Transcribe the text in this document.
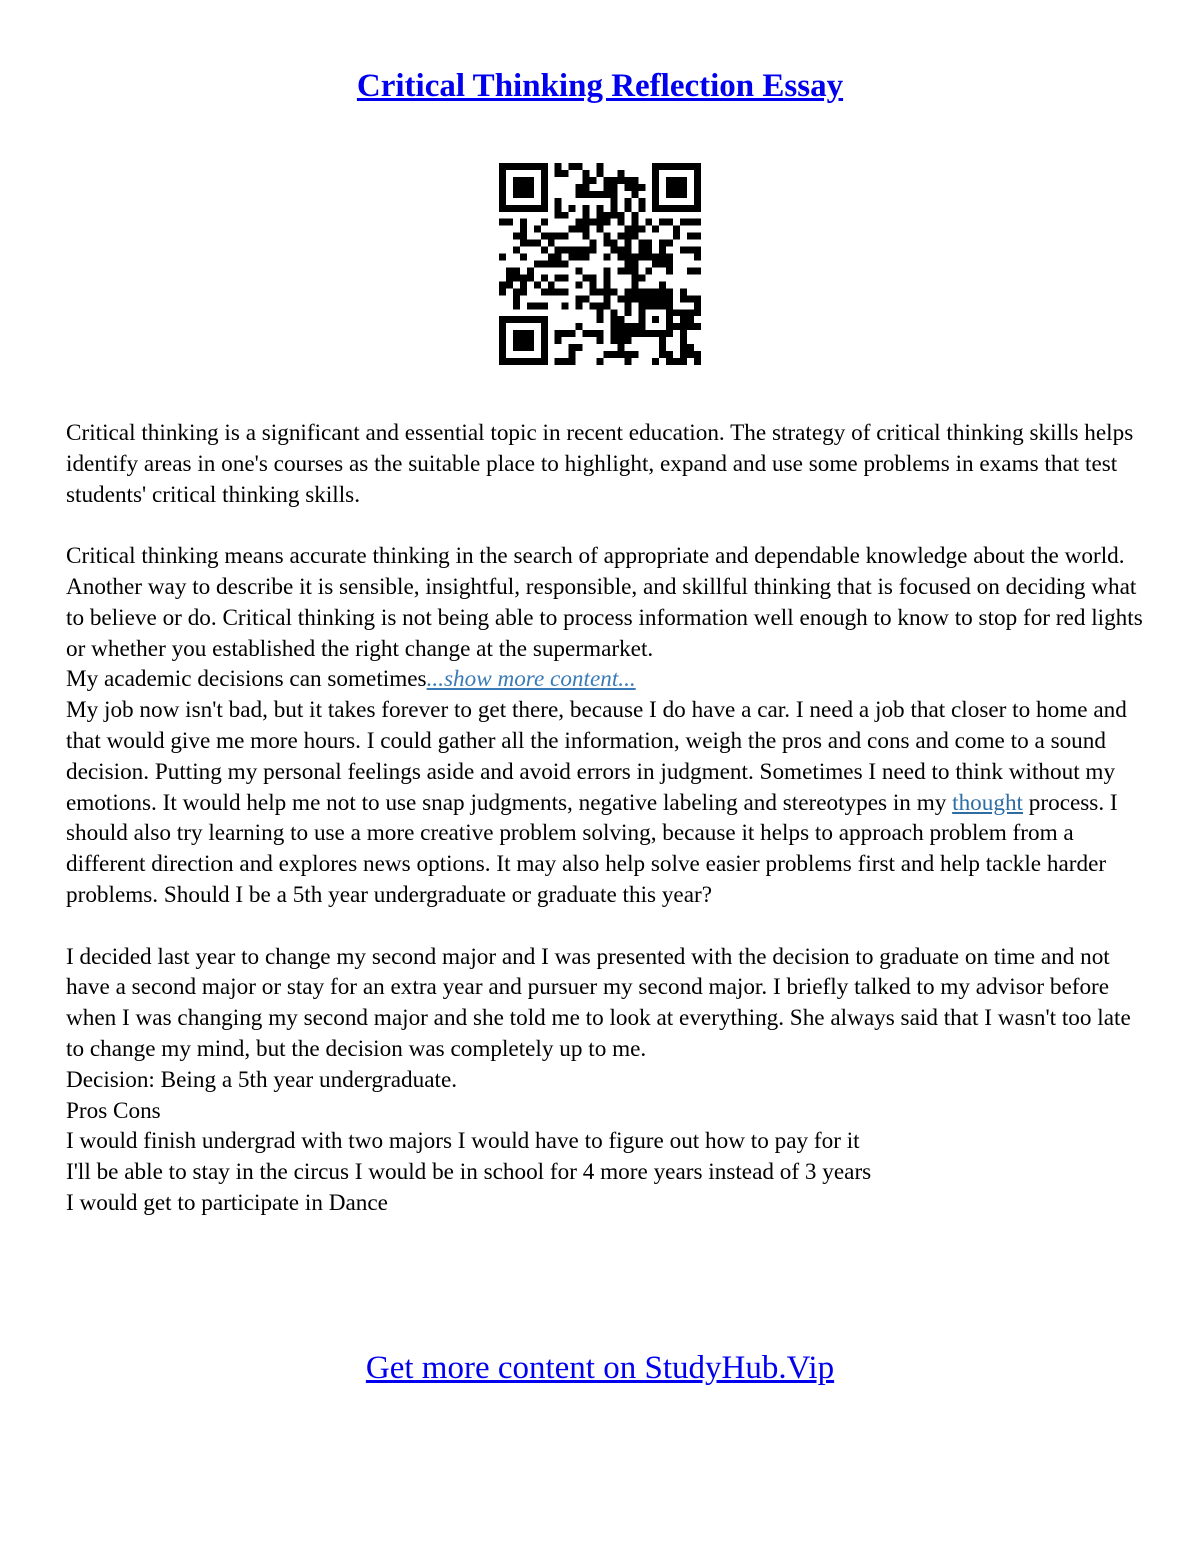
Critical Thinking Reflection Essay

Critical thinking is a significant and essential topic in recent education. The strategy of critical thinking skills helps identify areas in one's courses as the suitable place to highlight, expand and use some problems in exams that test students' critical thinking skills.

Critical thinking means accurate thinking in the search of appropriate and dependable knowledge about the world. Another way to describe it is sensible, insightful, responsible, and skillful thinking that is focused on deciding what to believe or do. Critical thinking is not being able to process information well enough to know to stop for red lights or whether you established the right change at the supermarket.

My academic decisions can sometimes...show more content...

My job now isn't bad, but it takes forever to get there, because I do have a car. I need a job that closer to home and that would give me more hours. I could gather all the information, weigh the pros and cons and come to a sound decision. Putting my personal feelings aside and avoid errors in judgment. Sometimes I need to think without my emotions. It would help me not to use snap judgments, negative labeling and stereotypes in my thought process. I should also try learning to use a more creative problem solving, because it helps to approach problem from a different direction and explores news options. It may also help solve easier problems first and help tackle harder problems. Should I be a 5th year undergraduate or graduate this year?

I decided last year to change my second major and I was presented with the decision to graduate on time and not have a second major or stay for an extra year and pursuer my second major. I briefly talked to my advisor before when I was changing my second major and she told me to look at everything. She always said that I wasn't too late to change my mind, but the decision was completely up to me.

Decision: Being a 5th year undergraduate.

Pros Cons

I would finish undergrad with two majors I would have to figure out how to pay for it

I'll be able to stay in the circus I would be in school for 4 more years instead of 3 years

I would get to participate in Dance

Get more content on StudyHub.Vip
